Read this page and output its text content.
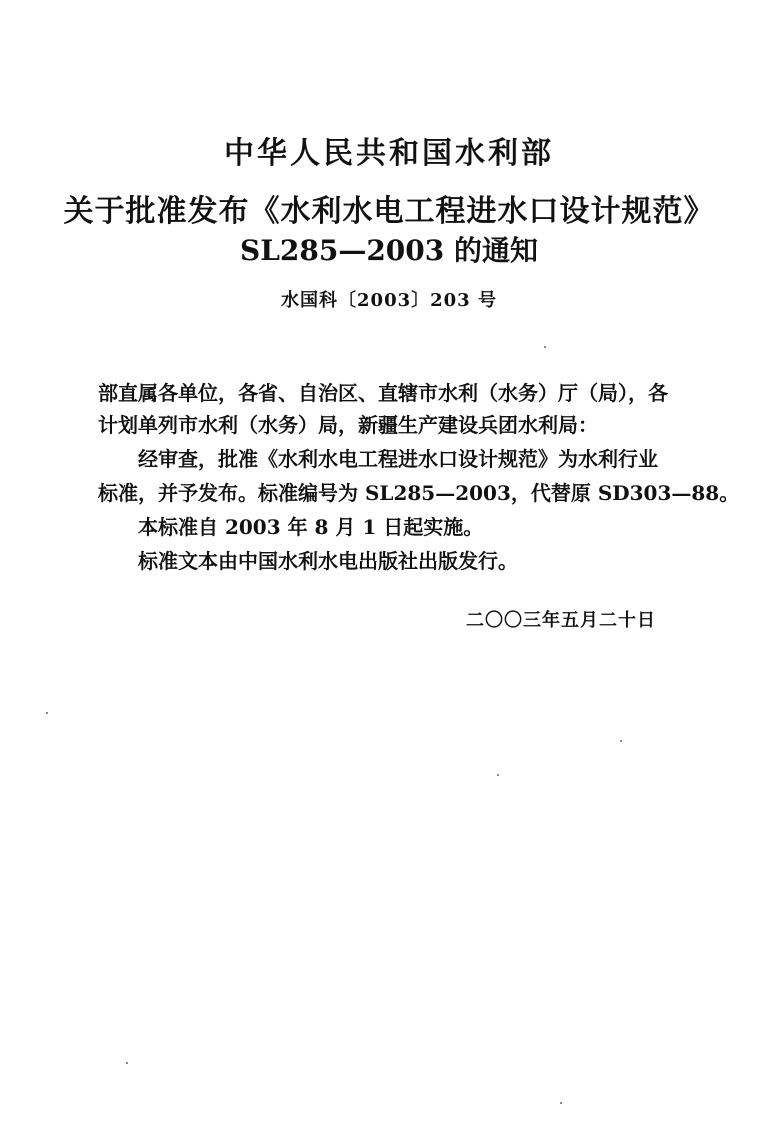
中华人民共和国水利部
关于批准发布《水利水电工程进水口设计规范》
SL285—2003 的通知
水国科〔2003〕203 号
部直属各单位，各省、自治区、直辖市水利（水务）厅（局），各
计划单列市水利（水务）局，新疆生产建设兵团水利局：
经审查，批准《水利水电工程进水口设计规范》为水利行业
标准，并予发布。标准编号为 SL285—2003，代替原 SD303—88。
本标准自 2003 年 8 月 1 日起实施。
标准文本由中国水利水电出版社出版发行。
二〇〇三年五月二十日
